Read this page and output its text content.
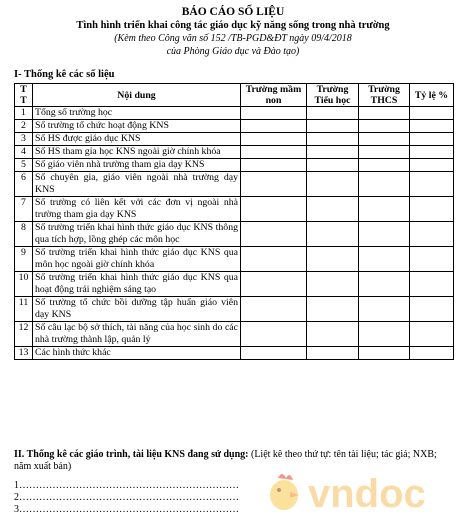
BÁO CÁO SỐ LIỆU
Tình hình triển khai công tác giáo dục kỹ năng sống trong nhà trường
(Kèm theo Công văn số 152 /TB-PGD&ĐT ngày 09/4/2018
của Phòng Giáo dục và Đào tạo)
I- Thống kê các số liệu
T T	Nội dung	Trường mầm non	Trường Tiểu học	Trường THCS	Tỷ lệ %
1	Tổng số trường học				
2	Số trường tổ chức hoạt động KNS				
3	Số HS được giáo dục KNS				
4	Số HS tham gia học KNS ngoài giờ chính khóa				
5	Số giáo viên nhà trường tham gia dạy KNS				
6	Số chuyên gia, giáo viên ngoài nhà trường dạy KNS				
7	Số trường có liên kết với các đơn vị ngoài nhà trường tham gia dạy KNS				
8	Số trường triển khai hình thức giáo dục KNS thông qua tích hợp, lồng ghép các môn học				
9	Số trường triển khai hình thức giáo dục KNS qua môn học ngoài giờ chính khóa				
10	Số trường triển khai hình thức giáo dục KNS qua hoạt động trải nghiệm sáng tạo				
11	Số trường tổ chức bồi dưỡng tập huấn giáo viên dạy KNS				
12	Số câu lạc bộ sở thích, tài năng của học sinh do các nhà trường thành lập, quản lý				
13	Các hình thức khác				
II. Thống kê các giáo trình, tài liệu KNS đang sử dụng: (Liệt kê theo thứ tự: tên tài liệu; tác giả; NXB; năm xuất bản)
1…………………………………………………………
2…………………………………………………………
3………………………………………………………… vndoc
